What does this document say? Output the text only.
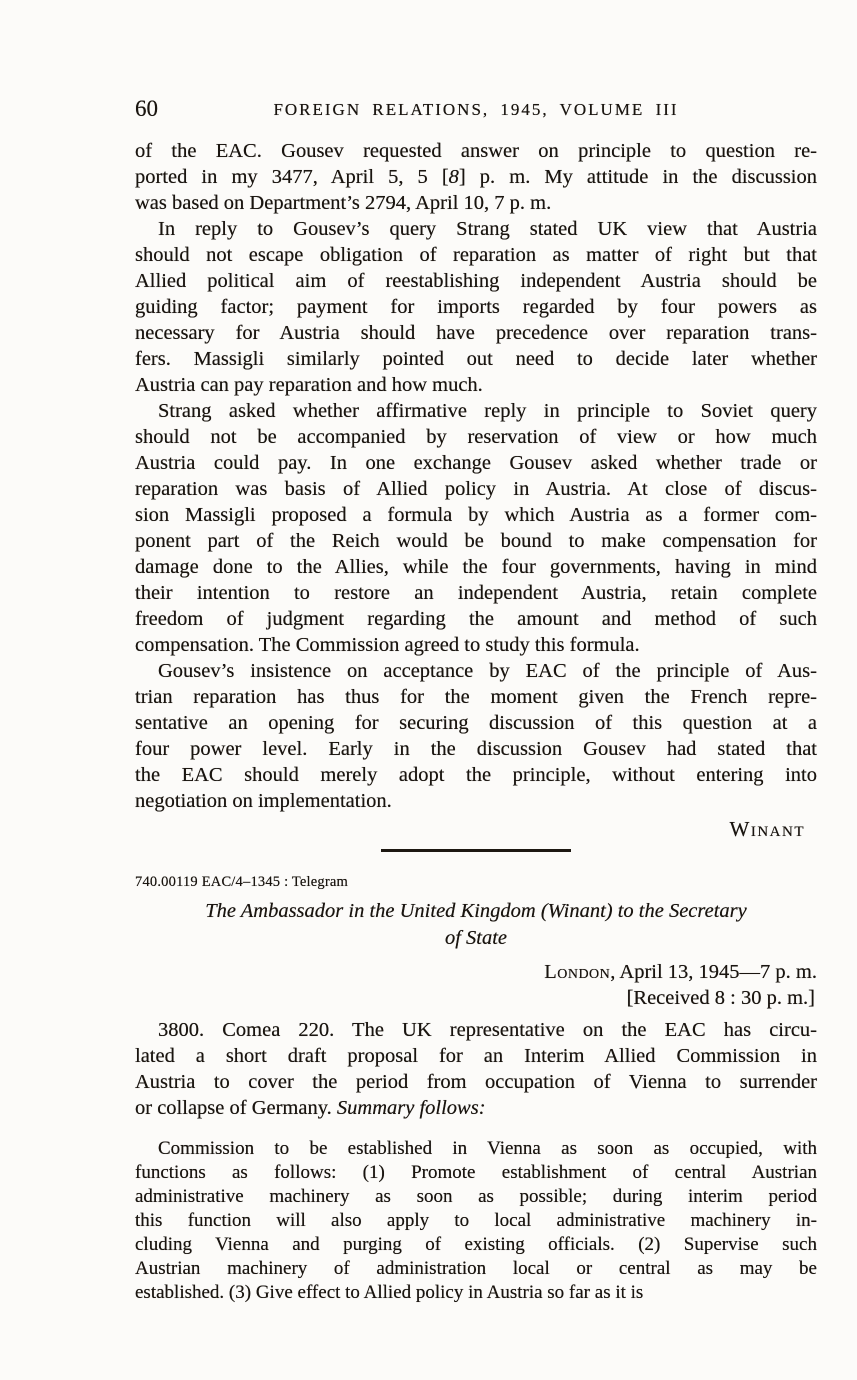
60	FOREIGN RELATIONS, 1945, VOLUME III
of the EAC. Gousev requested answer on principle to question re-
ported in my 3477, April 5, 5 [8] p. m. My attitude in the discussion
was based on Department’s 2794, April 10, 7 p. m.
In reply to Gousev’s query Strang stated UK view that Austria
should not escape obligation of reparation as matter of right but that
Allied political aim of reestablishing independent Austria should be
guiding factor; payment for imports regarded by four powers as
necessary for Austria should have precedence over reparation trans-
fers. Massigli similarly pointed out need to decide later whether
Austria can pay reparation and how much.
Strang asked whether affirmative reply in principle to Soviet query
should not be accompanied by reservation of view or how much
Austria could pay. In one exchange Gousev asked whether trade or
reparation was basis of Allied policy in Austria. At close of discus-
sion Massigli proposed a formula by which Austria as a former com-
ponent part of the Reich would be bound to make compensation for
damage done to the Allies, while the four governments, having in mind
their intention to restore an independent Austria, retain complete
freedom of judgment regarding the amount and method of such
compensation. The Commission agreed to study this formula.
Gousev’s insistence on acceptance by EAC of the principle of Aus-
trian reparation has thus for the moment given the French repre-
sentative an opening for securing discussion of this question at a
four power level. Early in the discussion Gousev had stated that
the EAC should merely adopt the principle, without entering into
negotiation on implementation.
Winant
740.00119 EAC/4–1345 : Telegram
The Ambassador in the United Kingdom (Winant) to the Secretary
of State
London, April 13, 1945—7 p. m.
[Received 8 : 30 p. m.]
3800. Comea 220. The UK representative on the EAC has circu-
lated a short draft proposal for an Interim Allied Commission in
Austria to cover the period from occupation of Vienna to surrender
or collapse of Germany. Summary follows:
Commission to be established in Vienna as soon as occupied, with
functions as follows: (1) Promote establishment of central Austrian
administrative machinery as soon as possible; during interim period
this function will also apply to local administrative machinery in-
cluding Vienna and purging of existing officials. (2) Supervise such
Austrian machinery of administration local or central as may be
established. (3) Give effect to Allied policy in Austria so far as it is
